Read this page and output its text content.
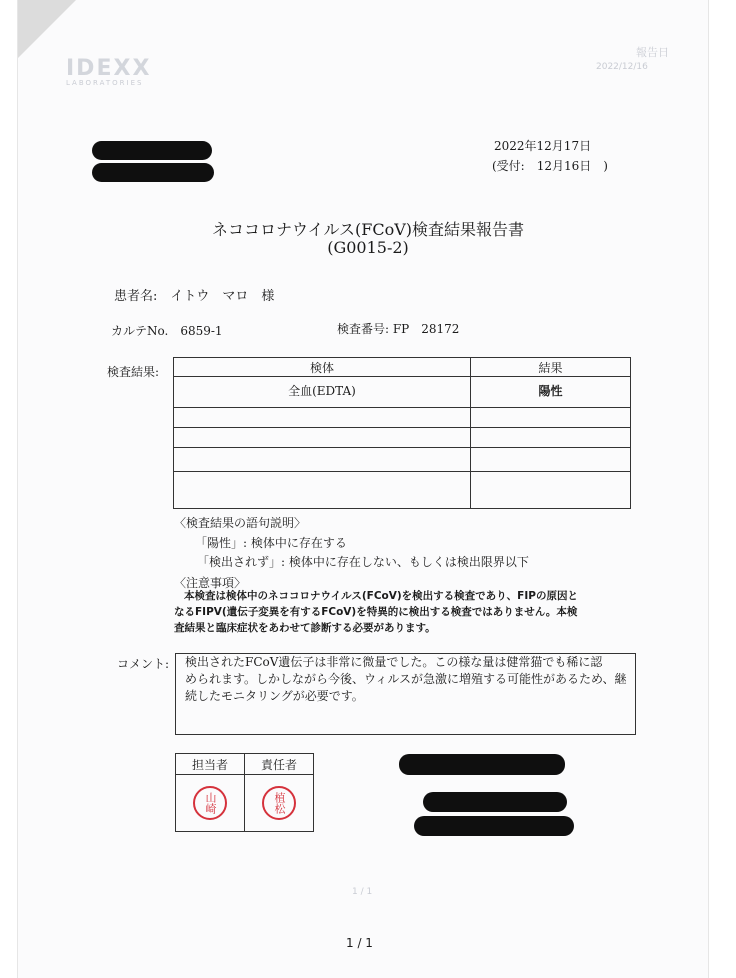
IDEXX
LABORATORIES
報告日
2022/12/16
1 / 1
2022年12月17日
(受付:　12月16日　)
ネココロナウイルス(FCoV)検査結果報告書
(G0015-2)
患者名:　イトウ　マロ　様
カルテNo.　6859-1	検査番号: FP　28172
検査結果:	検体	結果
全血(EDTA)	陽性

〈検査結果の語句説明〉
「陽性」: 検体中に存在する
「検出されず」: 検体中に存在しない、もしくは検出限界以下
〈注意事項〉
本検査は検体中のネココロナウイルス(FCoV)を検出する検査であり、FIPの原因と
なるFIPV(遺伝子変異を有するFCoV)を特異的に検出する検査ではありません。本検
査結果と臨床症状をあわせて診断する必要があります。
コメント: 検出されたFCoV遺伝子は非常に微量でした。この様な量は健常猫でも稀に認
められます。しかしながら今後、ウィルスが急激に増殖する可能性があるため、継
続したモニタリングが必要です。
担当者	責任者

山崎	植松
1 / 1
